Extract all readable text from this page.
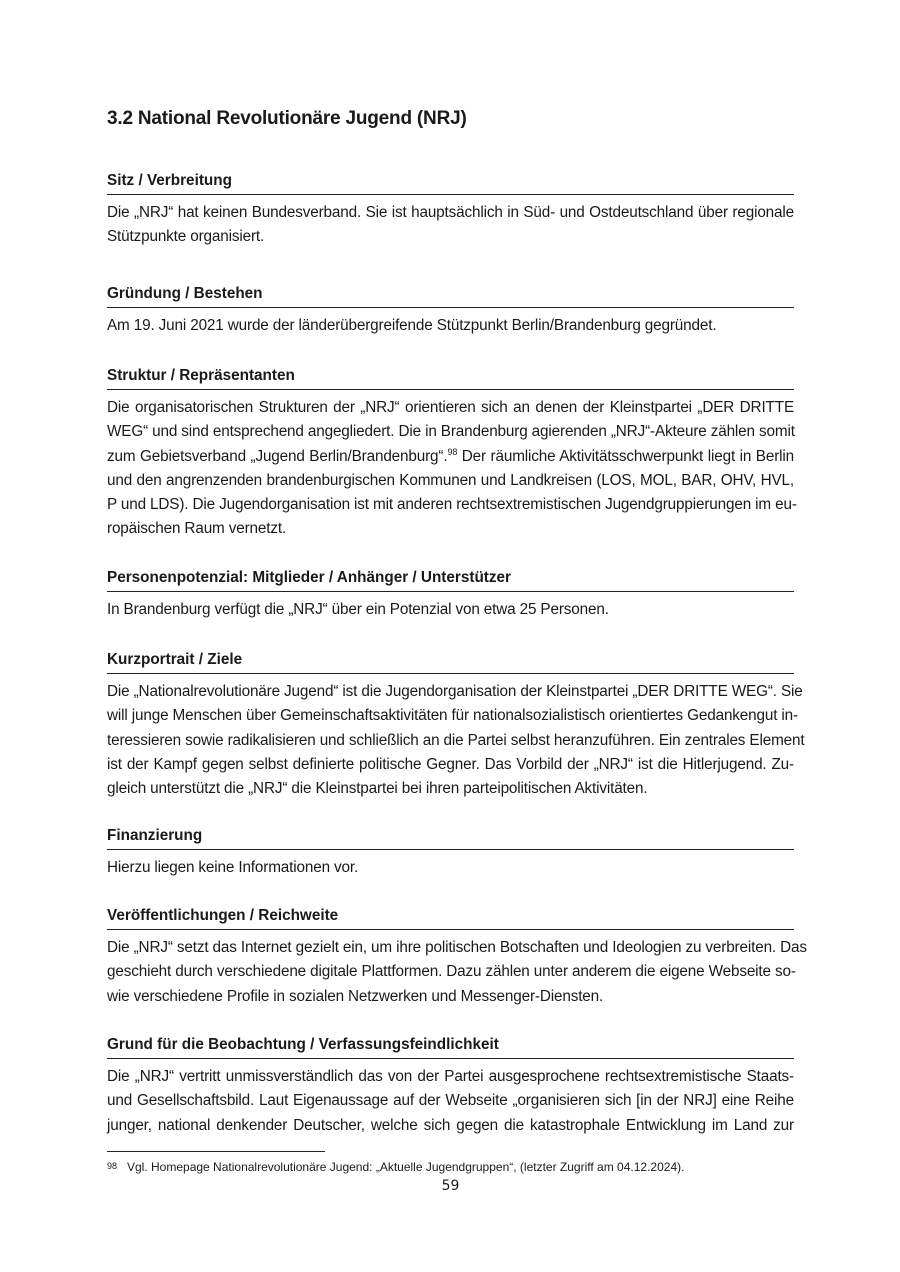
3.2 National Revolutionäre Jugend (NRJ)
Sitz / Verbreitung

Die „NRJ“ hat keinen Bundesverband. Sie ist hauptsächlich in Süd- und Ostdeutschland über regionale
Stützpunkte organisiert.

Gründung / Bestehen

Am 19. Juni 2021 wurde der länderübergreifende Stützpunkt Berlin/Brandenburg gegründet.

Struktur / Repräsentanten

Die organisatorischen Strukturen der „NRJ“ orientieren sich an denen der Kleinstpartei „DER DRITTE
WEG“ und sind entsprechend angegliedert. Die in Brandenburg agierenden „NRJ“-Akteure zählen somit
zum Gebietsverband „Jugend Berlin/Brandenburg“.$^{98}$ Der räumliche Aktivitätsschwerpunkt liegt in Berlin
und den angrenzenden brandenburgischen Kommunen und Landkreisen (LOS, MOL, BAR, OHV, HVL,
P und LDS). Die Jugendorganisation ist mit anderen rechtsextremistischen Jugendgruppierungen im eu-
ropäischen Raum vernetzt.

Personenpotenzial: Mitglieder / Anhänger / Unterstützer

In Brandenburg verfügt die „NRJ“ über ein Potenzial von etwa 25 Personen.

Kurzportrait / Ziele

Die „Nationalrevolutionäre Jugend“ ist die Jugendorganisation der Kleinstpartei „DER DRITTE WEG“. Sie
will junge Menschen über Gemeinschaftsaktivitäten für nationalsozialistisch orientiertes Gedankengut in-
teressieren sowie radikalisieren und schließlich an die Partei selbst heranzuführen. Ein zentrales Element
ist der Kampf gegen selbst definierte politische Gegner. Das Vorbild der „NRJ“ ist die Hitlerjugend. Zu-
gleich unterstützt die „NRJ“ die Kleinstpartei bei ihren parteipolitischen Aktivitäten.

Finanzierung

Hierzu liegen keine Informationen vor.

Veröffentlichungen / Reichweite

Die „NRJ“ setzt das Internet gezielt ein, um ihre politischen Botschaften und Ideologien zu verbreiten. Das
geschieht durch verschiedene digitale Plattformen. Dazu zählen unter anderem die eigene Webseite so-
wie verschiedene Profile in sozialen Netzwerken und Messenger-Diensten.

Grund für die Beobachtung / Verfassungsfeindlichkeit

Die „NRJ“ vertritt unmissverständlich das von der Partei ausgesprochene rechtsextremistische Staats-
und Gesellschaftsbild. Laut Eigenaussage auf der Webseite „organisieren sich [in der NRJ] eine Reihe
junger, national denkender Deutscher, welche sich gegen die katastrophale Entwicklung im Land zur

98 Vgl. Homepage Nationalrevolutionäre Jugend: „Aktuelle Jugendgruppen“, (letzter Zugriff am 04.12.2024).
59
